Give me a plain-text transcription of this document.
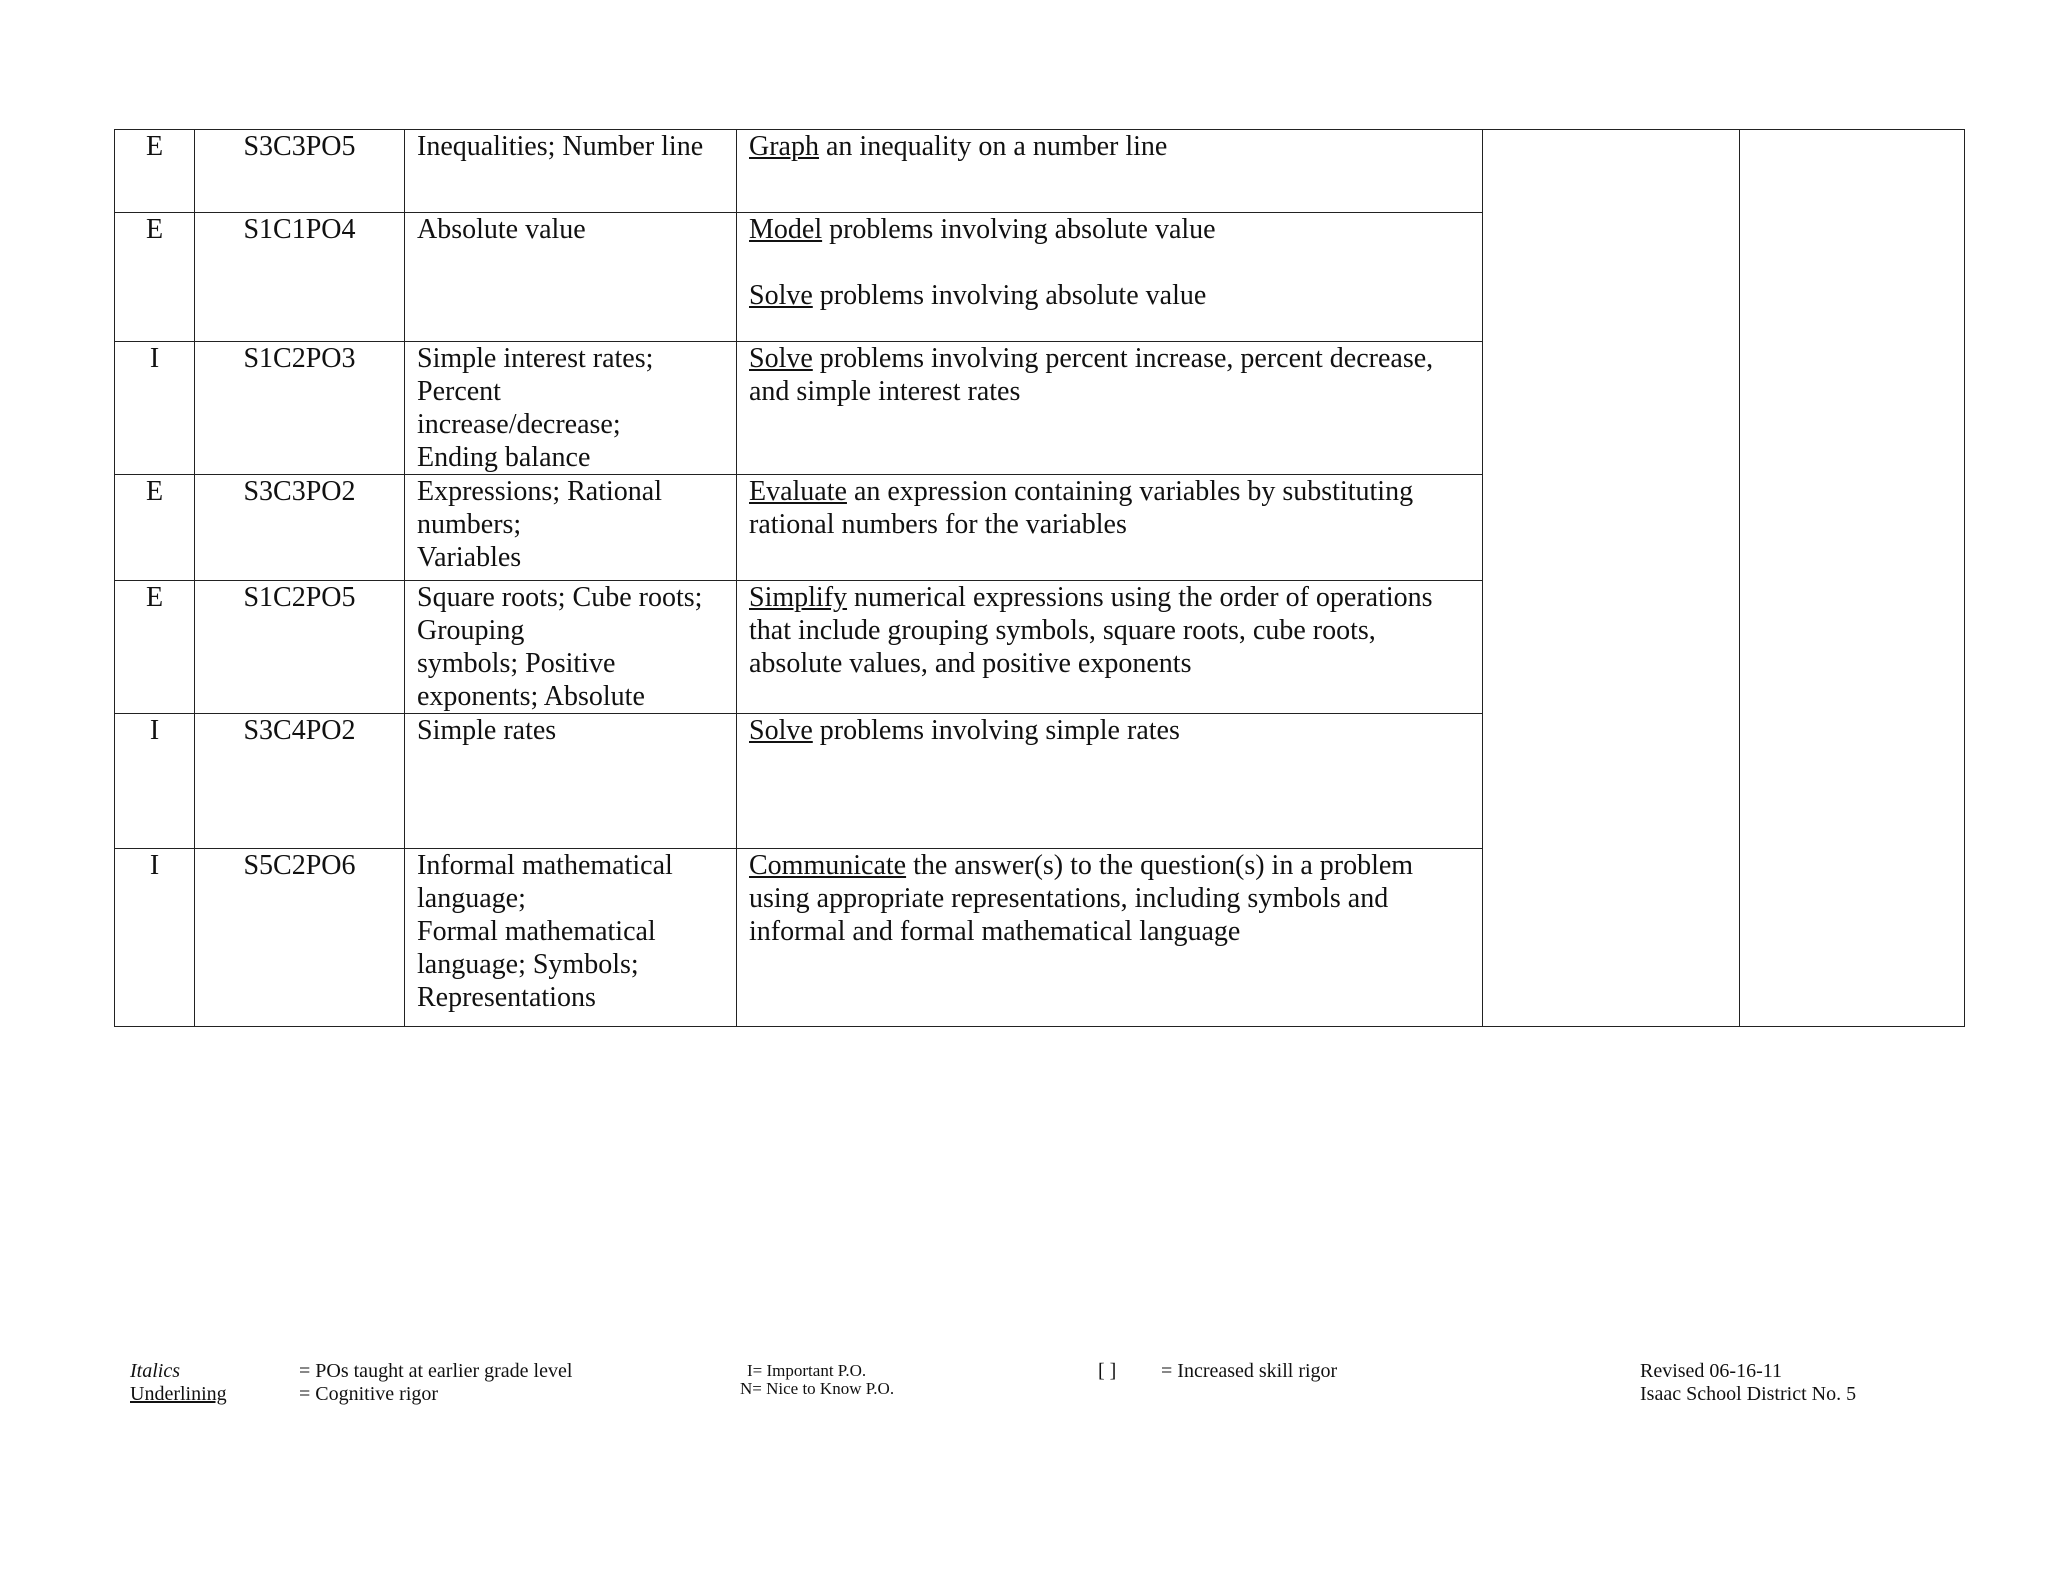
E	S3C3PO5	Inequalities; Number line	Graph an inequality on a number line		

E	S1C1PO4	Absolute value	Model problems involving absolute value
Solve problems involving absolute value		

I	S1C2PO3	Simple interest rates;
Percent
increase/decrease;
Ending balance	Solve problems involving percent increase, percent decrease,
and simple interest rates		

E	S3C3PO2	Expressions; Rational
numbers;
Variables	Evaluate an expression containing variables by substituting
rational numbers for the variables		

E	S1C2PO5	Square roots; Cube roots;
Grouping
symbols; Positive
exponents; Absolute	Simplify numerical expressions using the order of operations
that include grouping symbols, square roots, cube roots,
absolute values, and positive exponents		

I	S3C4PO2	Simple rates	Solve problems involving simple rates		

I	S5C2PO6	Informal mathematical
language;
Formal mathematical
language; Symbols;
Representations	Communicate the answer(s) to the question(s) in a problem
using appropriate representations, including symbols and
informal and formal mathematical language		
Italics	= POs taught at earlier grade level
Underlining	= Cognitive rigor
I= Important P.O.
N= Nice to Know P.O.
[ ] = Increased skill rigor	Revised 06-16-11
Isaac School District No. 5
